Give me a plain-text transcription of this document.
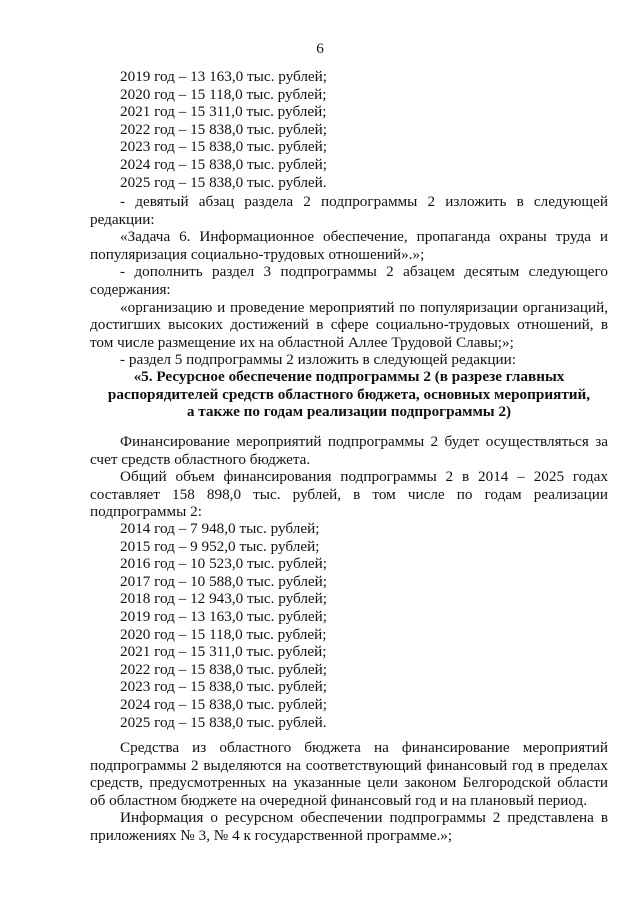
6
2019 год – 13 163,0 тыс. рублей;
2020 год – 15 118,0 тыс. рублей;
2021 год – 15 311,0 тыс. рублей;
2022 год – 15 838,0 тыс. рублей;
2023 год – 15 838,0 тыс. рублей;
2024 год – 15 838,0 тыс. рублей;
2025 год – 15 838,0 тыс. рублей.

- девятый абзац раздела 2 подпрограммы 2 изложить в следующей редакции:

«Задача 6. Информационное обеспечение, пропаганда охраны труда и популяризация социально-трудовых отношений».»;

- дополнить раздел 3 подпрограммы 2 абзацем десятым следующего содержания:

«организацию и проведение мероприятий по популяризации организаций, достигших высоких достижений в сфере социально-трудовых отношений, в том числе размещение их на областной Аллее Трудовой Славы;»;

- раздел 5 подпрограммы 2 изложить в следующей редакции:

«5. Ресурсное обеспечение подпрограммы 2 (в разрезе главных

распорядителей средств областного бюджета, основных мероприятий,

а также по годам реализации подпрограммы 2)

Финансирование мероприятий подпрограммы 2 будет осуществляться за счет средств областного бюджета.

Общий объем финансирования подпрограммы 2 в 2014 – 2025 годах составляет 158 898,0 тыс. рублей, в том числе по годам реализации подпрограммы 2:

2014 год – 7 948,0 тыс. рублей;
2015 год – 9 952,0 тыс. рублей;
2016 год – 10 523,0 тыс. рублей;
2017 год – 10 588,0 тыс. рублей;
2018 год – 12 943,0 тыс. рублей;
2019 год – 13 163,0 тыс. рублей;
2020 год – 15 118,0 тыс. рублей;
2021 год – 15 311,0 тыс. рублей;
2022 год – 15 838,0 тыс. рублей;
2023 год – 15 838,0 тыс. рублей;
2024 год – 15 838,0 тыс. рублей;
2025 год – 15 838,0 тыс. рублей.

Средства из областного бюджета на финансирование мероприятий подпрограммы 2 выделяются на соответствующий финансовый год в пределах средств, предусмотренных на указанные цели законом Белгородской области об областном бюджете на очередной финансовый год и на плановый период.

Информация о ресурсном обеспечении подпрограммы 2 представлена в приложениях № 3, № 4 к государственной программе.»;
